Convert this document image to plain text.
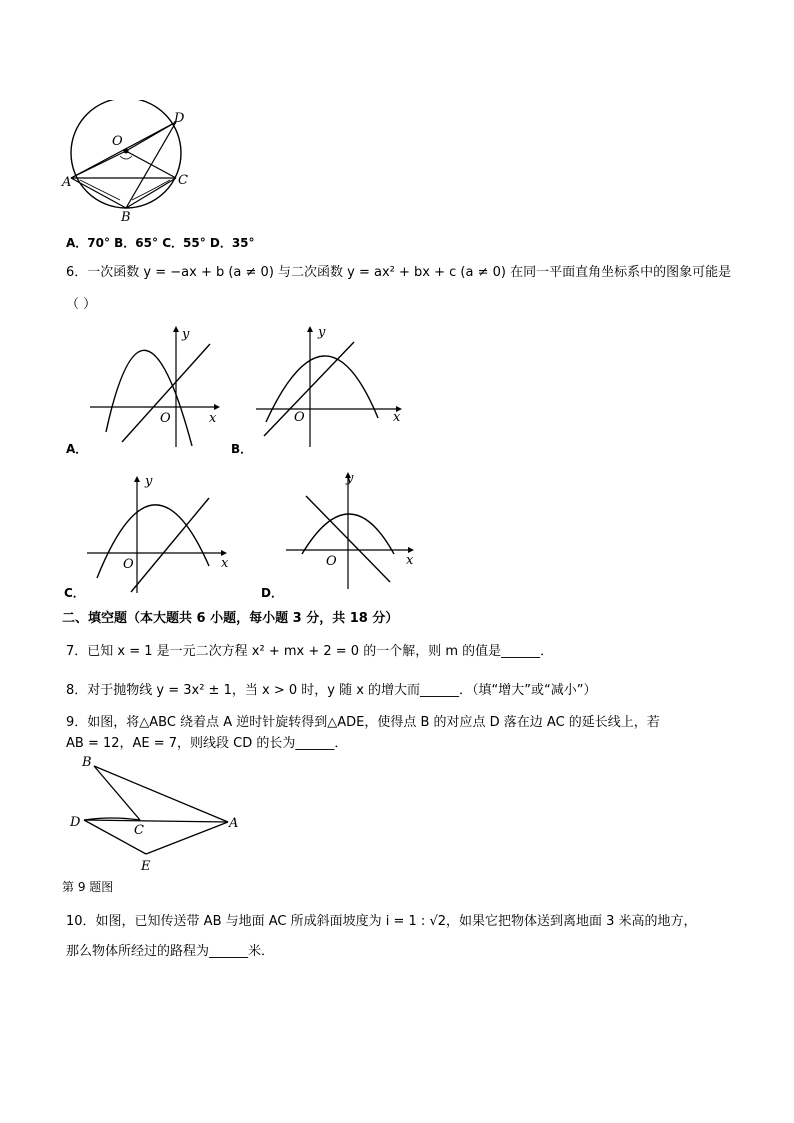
O
D
A	C
B
A．70° B．65° C．55° D．35°
6．一次函数 y = −ax + b (a ≠ 0) 与二次函数 y = ax² + bx + c (a ≠ 0) 在同一平面直角坐标系中的图象可能是
（ ）
O	x
y
A．
O	x
y
B．
O	x
y
C．
O	x
y
D．
二、填空题（本大题共 6 小题，每小题 3 分，共 18 分）
7．已知 x = 1 是一元二次方程 x² + mx + 2 = 0 的一个解，则 m 的值是______．
8．对于抛物线 y = 3x² ± 1，当 x > 0 时，y 随 x 的增大而______．（填“增大”或“减小”）
9．如图，将△ABC 绕着点 A 逆时针旋转得到△ADE，使得点 B 的对应点 D 落在边 AC 的延长线上，若
AB = 12，AE = 7，则线段 CD 的长为______．
B
D
C	A
E
第 9 题图
10．如图，已知传送带 AB 与地面 AC 所成斜面坡度为 i = 1 : √2，如果它把物体送到离地面 3 米高的地方，
那么物体所经过的路程为______米．
